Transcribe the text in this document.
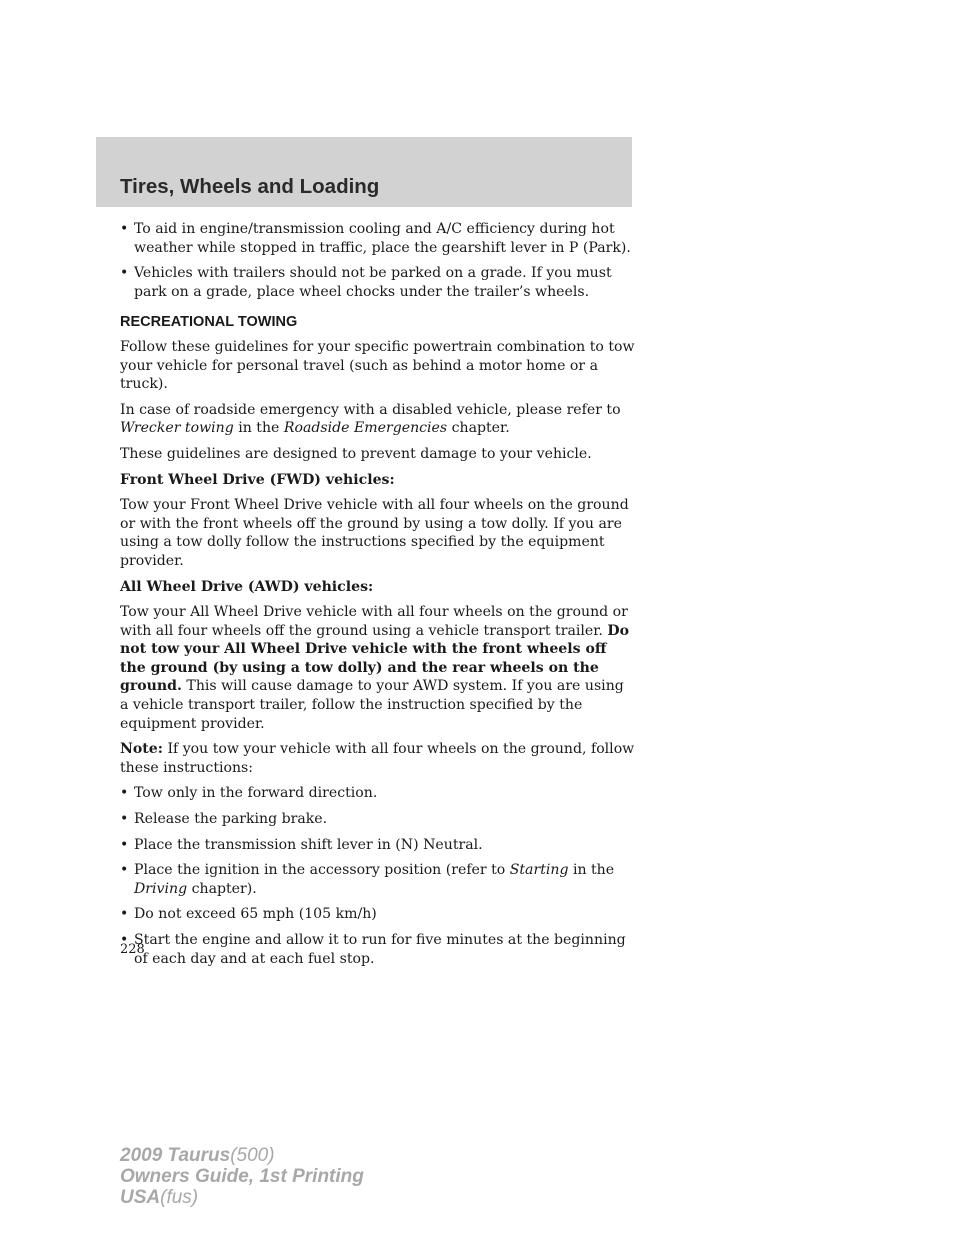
Tires, Wheels and Loading
• To aid in engine/transmission cooling and A/C efficiency during hot weather while stopped in traffic, place the gearshift lever in P (Park).
• Vehicles with trailers should not be parked on a grade. If you must park on a grade, place wheel chocks under the trailer’s wheels.
RECREATIONAL TOWING

Follow these guidelines for your specific powertrain combination to tow your vehicle for personal travel (such as behind a motor home or a truck).

In case of roadside emergency with a disabled vehicle, please refer to Wrecker towing in the Roadside Emergencies chapter.

These guidelines are designed to prevent damage to your vehicle.

Front Wheel Drive (FWD) vehicles:

Tow your Front Wheel Drive vehicle with all four wheels on the ground or with the front wheels off the ground by using a tow dolly. If you are using a tow dolly follow the instructions specified by the equipment provider.

All Wheel Drive (AWD) vehicles:

Tow your All Wheel Drive vehicle with all four wheels on the ground or with all four wheels off the ground using a vehicle transport trailer. Do not tow your All Wheel Drive vehicle with the front wheels off the ground (by using a tow dolly) and the rear wheels on the ground. This will cause damage to your AWD system. If you are using a vehicle transport trailer, follow the instruction specified by the equipment provider.

Note: If you tow your vehicle with all four wheels on the ground, follow these instructions:

• Tow only in the forward direction.
• Release the parking brake.
• Place the transmission shift lever in (N) Neutral.
• Place the ignition in the accessory position (refer to Starting in the Driving chapter).
• Do not exceed 65 mph (105 km/h)
• Start the engine and allow it to run for five minutes at the beginning of each day and at each fuel stop.
228
2009 Taurus(500)
Owners Guide, 1st Printing
USA(fus)
